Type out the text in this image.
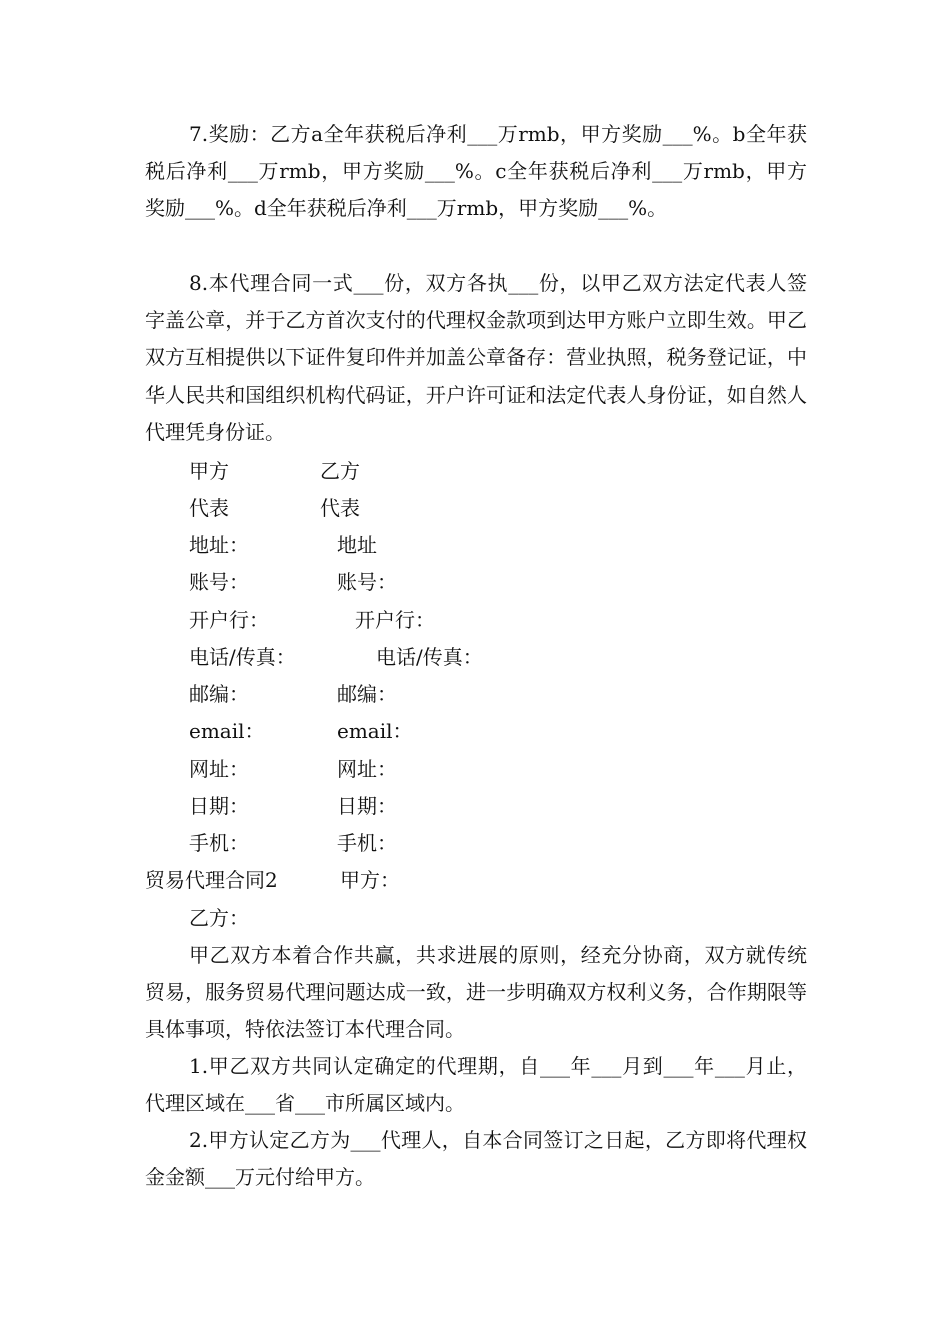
7.奖励：乙方a全年获税后净利___万rmb，甲方奖励___%。b全年获税后净利___万rmb，甲方奖励___%。c全年获税后净利___万rmb，甲方奖励___%。d全年获税后净利___万rmb，甲方奖励___%。

8.本代理合同一式___份，双方各执___份，以甲乙双方法定代表人签字盖公章，并于乙方首次支付的代理权金款项到达甲方账户立即生效。甲乙双方互相提供以下证件复印件并加盖公章备存：营业执照，税务登记证，中华人民共和国组织机构代码证，开户许可证和法定代表人身份证，如自然人代理凭身份证。

甲方	乙方
代表	代表
地址：	地址
账号：	账号：
开户行：	开户行：
电话/传真：	电话/传真：
邮编：	邮编：
email：	email：
网址：	网址：
日期：	日期：
手机：	手机：
贸易代理合同2	甲方：
乙方：

甲乙双方本着合作共赢，共求进展的原则，经充分协商，双方就传统贸易，服务贸易代理问题达成一致，进一步明确双方权利义务，合作期限等具体事项，特依法签订本代理合同。

1.甲乙双方共同认定确定的代理期，自___年___月到___年___月止，代理区域在___省___市所属区域内。

2.甲方认定乙方为___代理人，自本合同签订之日起，乙方即将代理权金金额___万元付给甲方。
